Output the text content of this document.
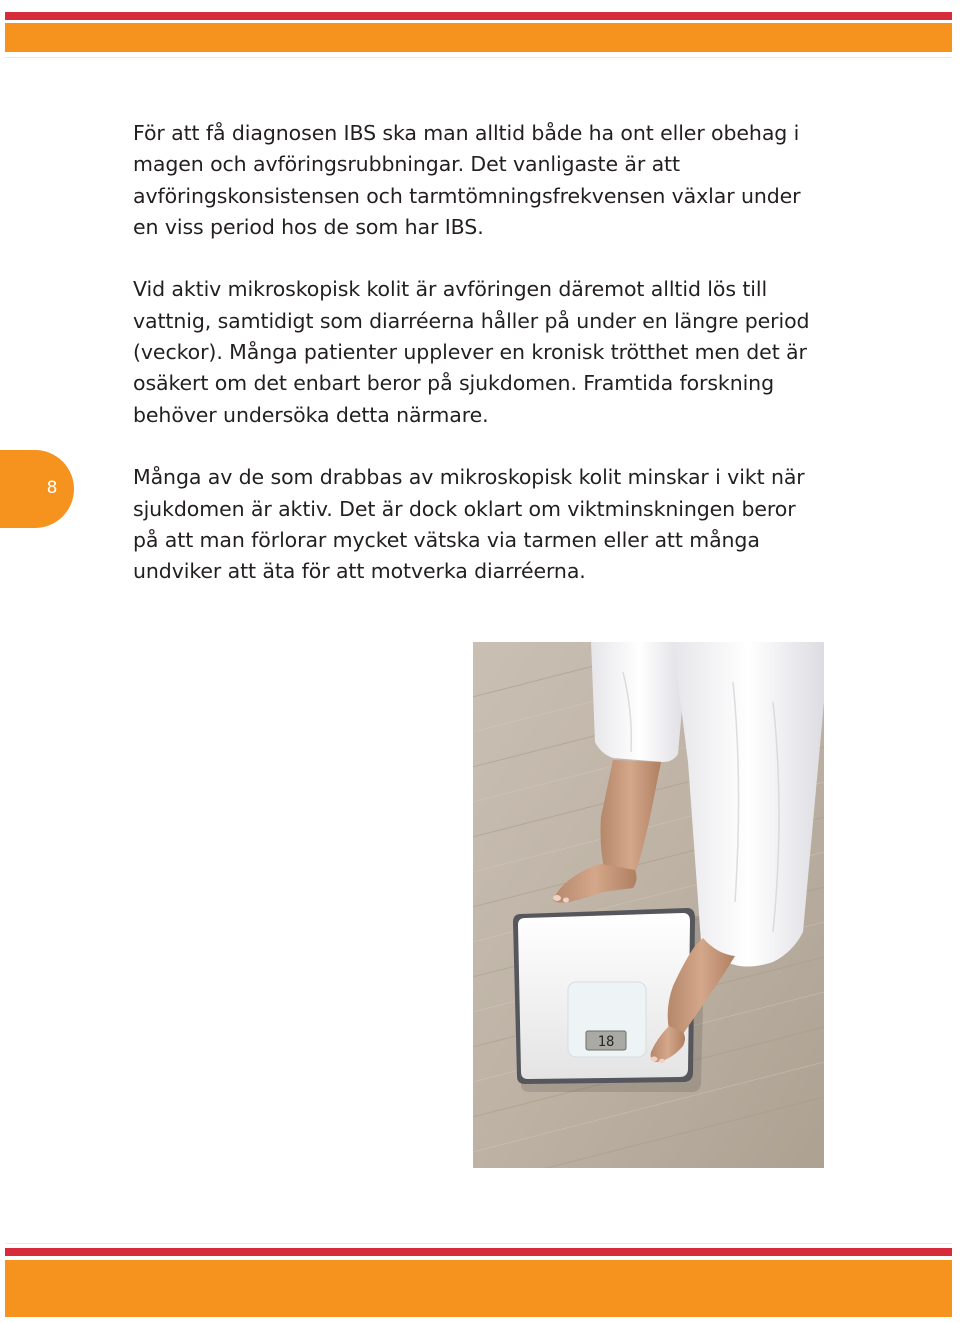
För att få diagnosen IBS ska man alltid både ha ont eller obehag i magen och avföringsrubbningar. Det vanligaste är att avföringskonsistensen och tarmtömningsfrekvensen växlar under en viss period hos de som har IBS.

Vid aktiv mikroskopisk kolit är avföringen däremot alltid lös till vattnig, samtidigt som diarréerna håller på under en längre period (veckor). Många patienter upplever en kronisk trötthet men det är osäkert om det enbart beror på sjukdomen. Framtida forskning behöver undersöka detta närmare.

Många av de som drabbas av mikroskopisk kolit minskar i vikt när sjukdomen är aktiv. Det är dock oklart om viktminskningen beror på att man förlorar mycket vätska via tarmen eller att många undviker att äta för att motverka diarréerna.

8
18
